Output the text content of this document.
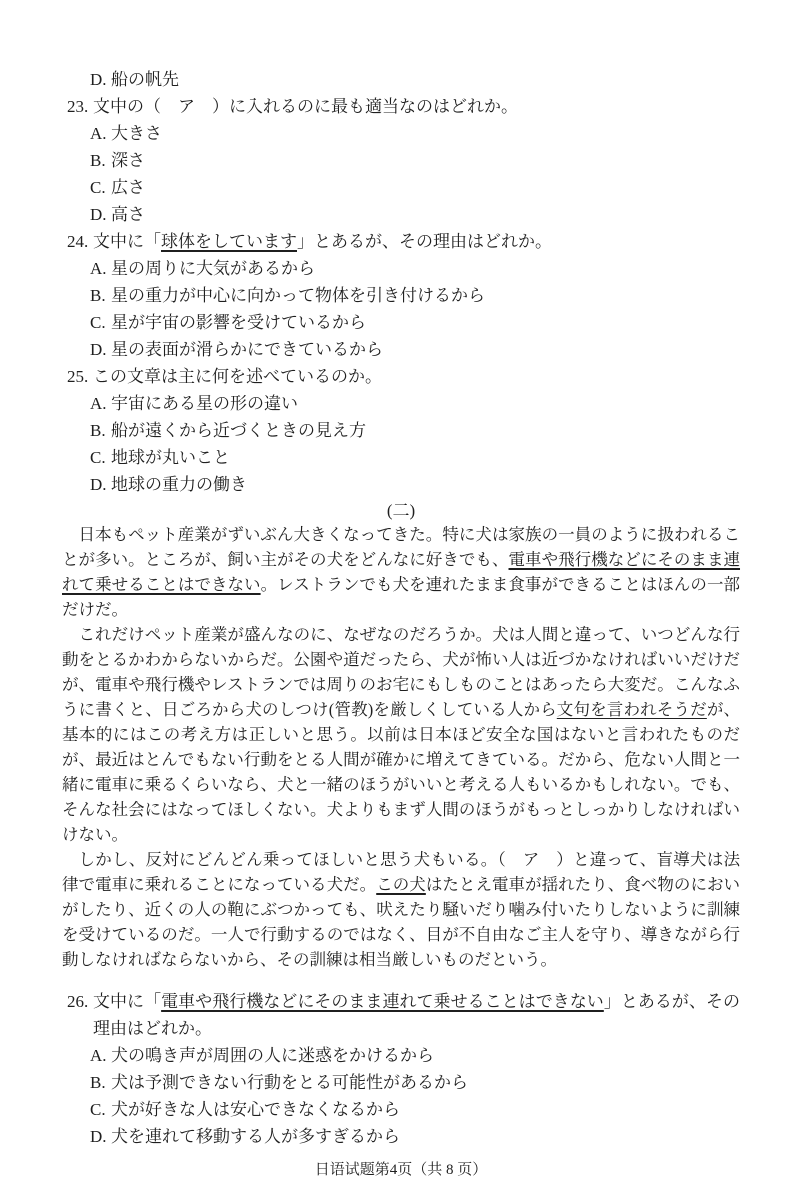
D. 船の帆先
23. 文中の（　ア　）に入れるのに最も適当なのはどれか。
A. 大きさ
B. 深さ
C. 広さ
D. 高さ
24. 文中に「球体をしています」とあるが、その理由はどれか。
A. 星の周りに大気があるから
B. 星の重力が中心に向かって物体を引き付けるから
C. 星が宇宙の影響を受けているから
D. 星の表面が滑らかにできているから
25. この文章は主に何を述べているのか。
A. 宇宙にある星の形の違い
B. 船が遠くから近づくときの見え方
C. 地球が丸いこと
D. 地球の重力の働き
(二)

日本もペット産業がずいぶん大きくなってきた。特に犬は家族の一員のように扱われることが多い。ところが、飼い主がその犬をどんなに好きでも、電車や飛行機などにそのまま連れて乗せることはできない。レストランでも犬を連れたまま食事ができることはほんの一部だけだ。

これだけペット産業が盛んなのに、なぜなのだろうか。犬は人間と違って、いつどんな行動をとるかわからないからだ。公園や道だったら、犬が怖い人は近づかなければいいだけだが、電車や飛行機やレストランでは周りのお宅にもしものことはあったら大変だ。こんなふうに書くと、日ごろから犬のしつけ(管教)を厳しくしている人から文句を言われそうだが、基本的にはこの考え方は正しいと思う。以前は日本ほど安全な国はないと言われたものだが、最近はとんでもない行動をとる人間が確かに増えてきている。だから、危ない人間と一緒に電車に乗るくらいなら、犬と一緒のほうがいいと考える人もいるかもしれない。でも、そんな社会にはなってほしくない。犬よりもまず人間のほうがもっとしっかりしなければいけない。

しかし、反対にどんどん乗ってほしいと思う犬もいる。（　ア　）と違って、盲導犬は法律で電車に乗れることになっている犬だ。この犬はたとえ電車が揺れたり、食べ物のにおいがしたり、近くの人の鞄にぶつかっても、吠えたり騒いだり噛み付いたりしないように訓練を受けているのだ。一人で行動するのではなく、目が不自由なご主人を守り、導きながら行動しなければならないから、その訓練は相当厳しいものだという。

26. 文中に「電車や飛行機などにそのまま連れて乗せることはできない」とあるが、その理由はどれか。
A. 犬の鳴き声が周囲の人に迷惑をかけるから
B. 犬は予測できない行動をとる可能性があるから
C. 犬が好きな人は安心できなくなるから
D. 犬を連れて移動する人が多すぎるから
日语试题第4页（共 8 页）
